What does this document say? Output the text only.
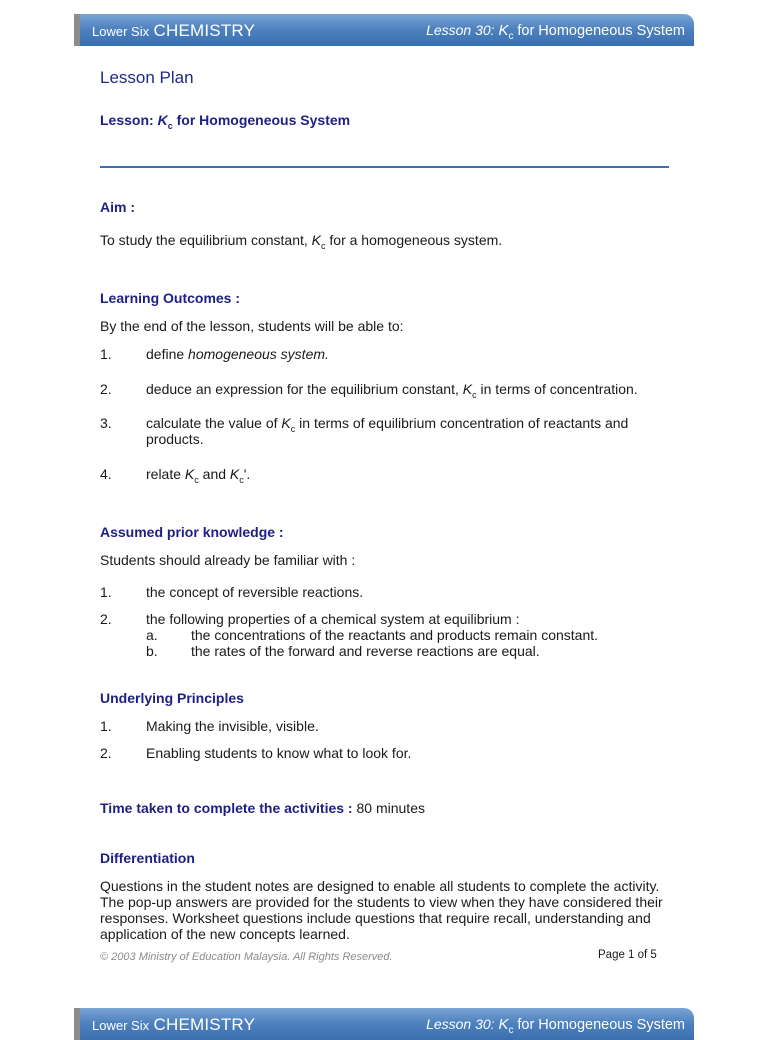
Lower Six CHEMISTRY	Lesson 30: $K_c$ for Homogeneous System
Lesson Plan
Lesson: $K_c$ for Homogeneous System
Aim :
To study the equilibrium constant, $K_c$ for a homogeneous system.
Learning Outcomes :
By the end of the lesson, students will be able to:
1. define homogeneous system.
2. deduce an expression for the equilibrium constant, $K_c$ in terms of concentration.
3. calculate the value of $K_c$ in terms of equilibrium concentration of reactants and
products.
4. relate $K_c$ and $K_c'$.
Assumed prior knowledge :
Students should already be familiar with :
1. the concept of reversible reactions.
2. the following properties of a chemical system at equilibrium :
a. the concentrations of the reactants and products remain constant.
b. the rates of the forward and reverse reactions are equal.
Underlying Principles
1. Making the invisible, visible.
2. Enabling students to know what to look for.
Time taken to complete the activities : 80 minutes
Differentiation
Questions in the student notes are designed to enable all students to complete the activity. The pop-up answers are provided for the students to view when they have considered their responses. Worksheet questions include questions that require recall, understanding and application of the new concepts learned.
© 2003 Ministry of Education Malaysia. All Rights Reserved.	Page 1 of 5
Lower Six CHEMISTRY	Lesson 30: $K_c$ for Homogeneous System
